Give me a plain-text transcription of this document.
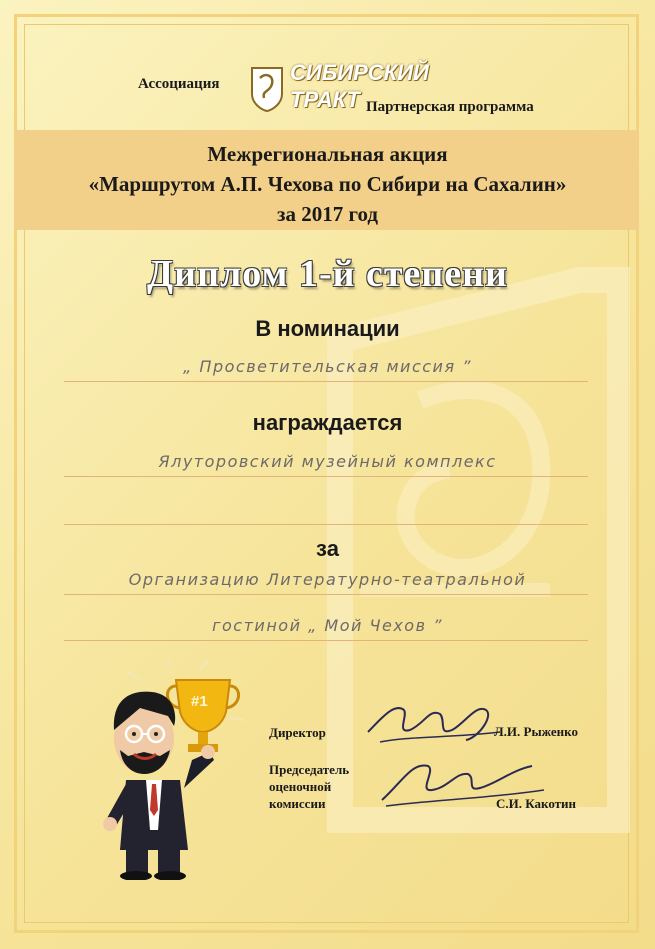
Ассоциация	СИБИРСКИЙ
ТРАКТ Партнерская программа
Межрегиональная акция
«Маршрутом А.П. Чехова по Сибири на Сахалин»
за 2017 год
Диплом 1-й степени
В номинации
„ Просветительская миссия ”
награждается
Ялуторовский музейный комплекс
за
Организацию Литературно-театральной
гостиной „ Мой Чехов ”
#1
Директор	Л.И. Рыженко
Председатель
оценочной
комиссии	С.И. Какотин
